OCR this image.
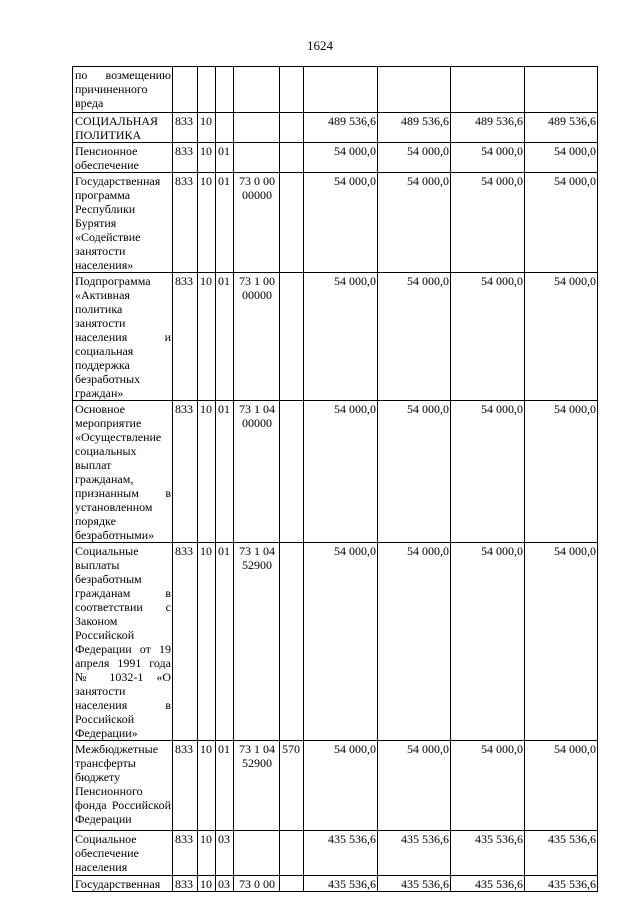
1624
по возмещению причиненного вреда									
СОЦИАЛЬНАЯ ПОЛИТИКА	833	10				489 536,6	489 536,6	489 536,6	489 536,6
Пенсионное обеспечение	833	10	01			54 000,0	54 000,0	54 000,0	54 000,0
Государственная программа Республики Бурятия «Содействие занятости населения»	833	10	01	73 0 00 00000		54 000,0	54 000,0	54 000,0	54 000,0
Подпрограмма «Активная политика занятости населения и социальная поддержка безработных граждан»	833	10	01	73 1 00 00000		54 000,0	54 000,0	54 000,0	54 000,0
Основное мероприятие «Осуществление социальных выплат гражданам, признанным в установленном порядке безработными»	833	10	01	73 1 04 00000		54 000,0	54 000,0	54 000,0	54 000,0
Социальные выплаты безработным гражданам в соответствии с Законом Российской Федерации от 19 апреля 1991 года № 1032-1 «О занятости населения в Российской Федерации»	833	10	01	73 1 04 52900		54 000,0	54 000,0	54 000,0	54 000,0
Межбюджетные трансферты бюджету Пенсионного фонда Российской Федерации	833	10	01	73 1 04 52900	570	54 000,0	54 000,0	54 000,0	54 000,0
Социальное обеспечение населения	833	10	03			435 536,6	435 536,6	435 536,6	435 536,6
Государственная	833	10	03	73 0 00		435 536,6	435 536,6	435 536,6	435 536,6
